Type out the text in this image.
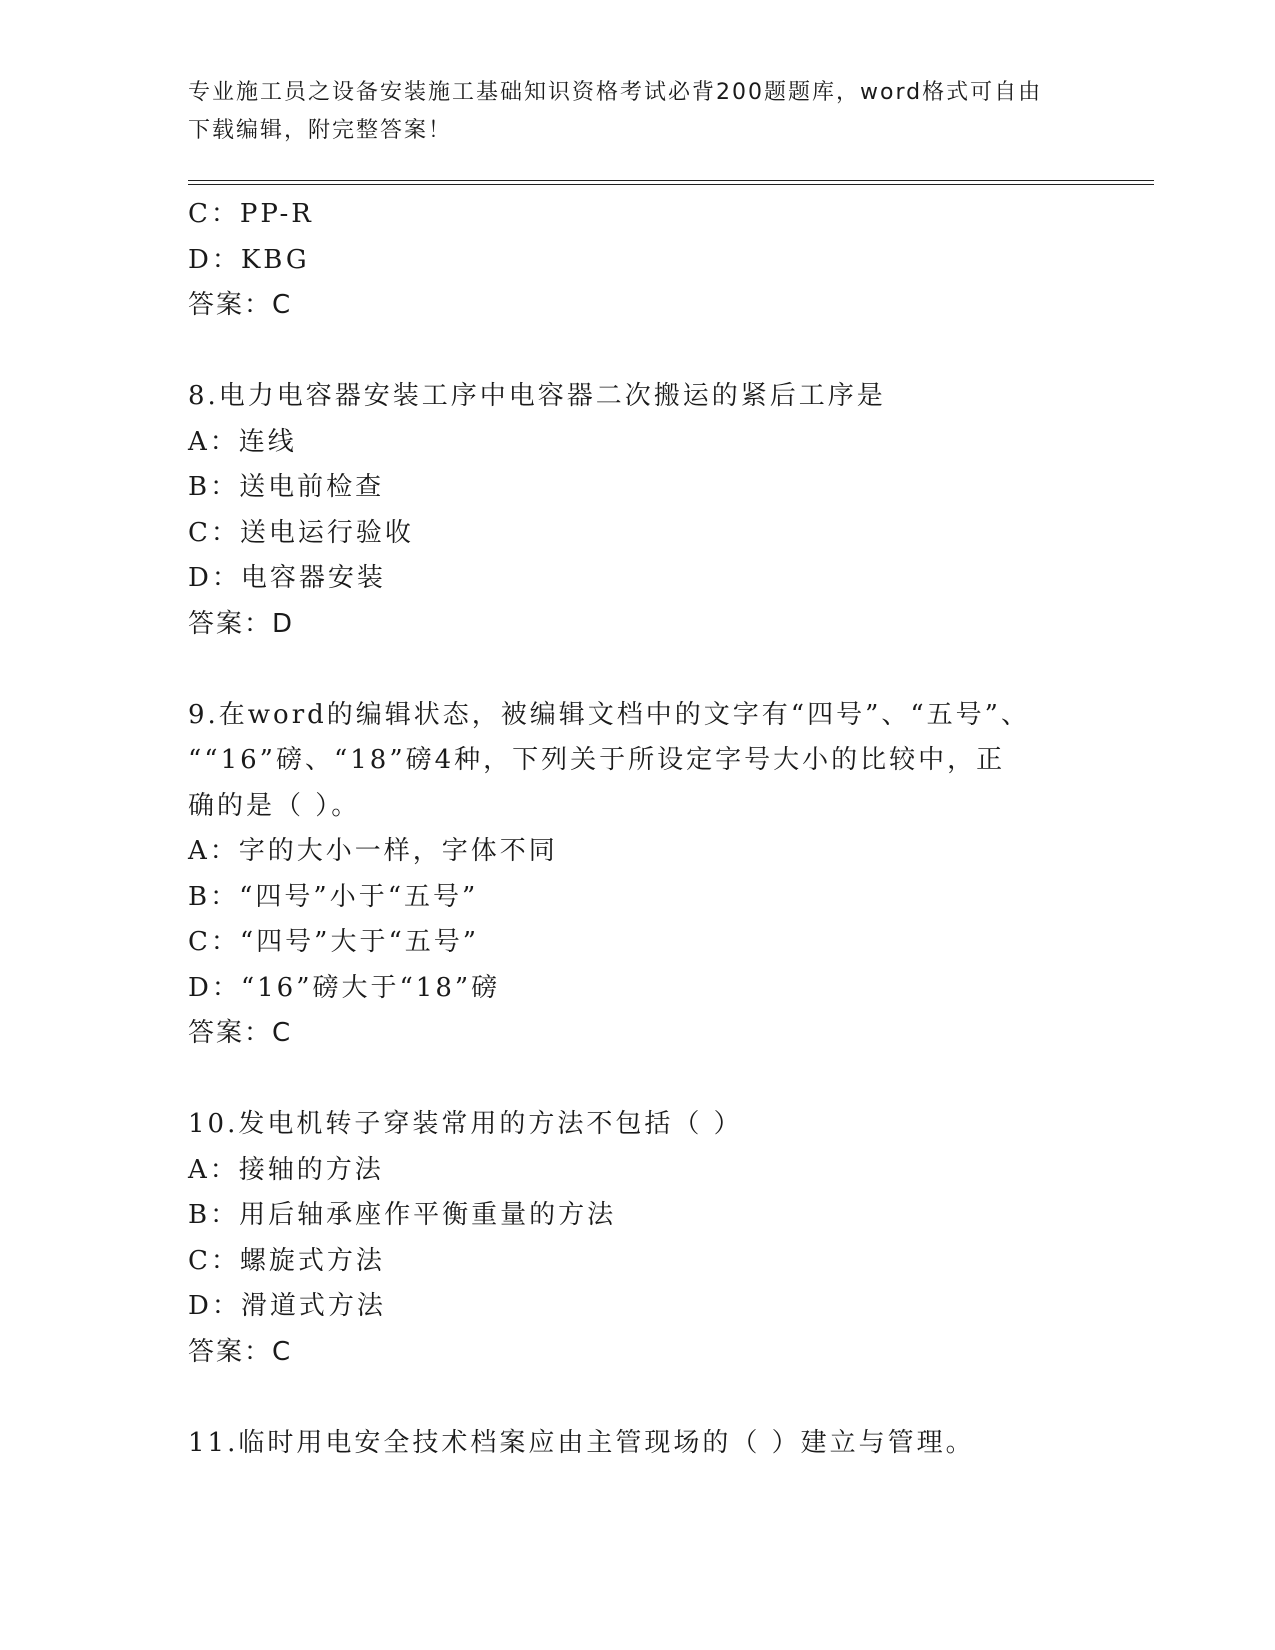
专业施工员之设备安装施工基础知识资格考试必背200题题库，word格式可自由
下载编辑，附完整答案！
C：PP-R
D：KBG
答案：C
8.电力电容器安装工序中电容器二次搬运的紧后工序是
A：连线
B：送电前检查
C：送电运行验收
D：电容器安装
答案：D
9.在word的编辑状态，被编辑文档中的文字有“四号”、“五号”、
““16”磅、“18”磅4种，下列关于所设定字号大小的比较中，正
确的是（ ）。
A：字的大小一样，字体不同
B：“四号”小于“五号”
C：“四号”大于“五号”
D：“16”磅大于“18”磅
答案：C
10.发电机转子穿装常用的方法不包括（ ）
A：接轴的方法
B：用后轴承座作平衡重量的方法
C：螺旋式方法
D：滑道式方法
答案：C
11.临时用电安全技术档案应由主管现场的（ ）建立与管理。
